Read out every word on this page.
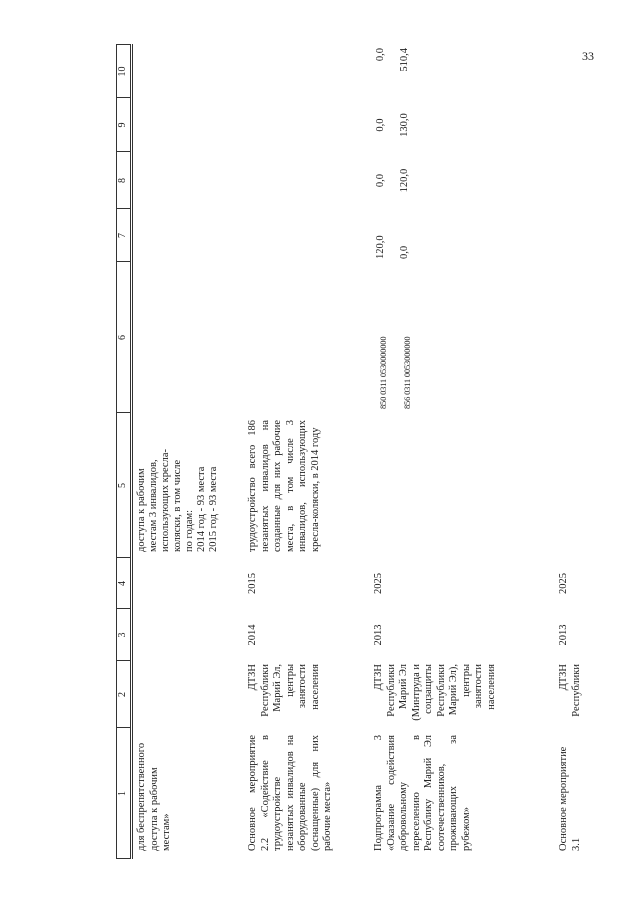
33
1
2
3
4
5
6
7
8
9
10
для беспрепятственного доступа к рабочим местам»
доступа к рабочим местам 3 инвалидов, использующих кресла- коляски, в том числе по годам: 2014 год - 93 места 2015 год - 93 места
Основное мероприятие 2.2 «Содействие в трудоустройстве незанятых инвалидов на оборудованные (оснащенные) для них рабочие места»
ДТЗН Республики Марий Эл, центры занятости населения
2014
2015
трудоустройство всего 186 незанятых инвалидов на созданные для них рабочие места, в том числе 3 инвалидов, использующих кресла-коляски, в 2014 году
Подпрограмма 3 «Оказание содействия добровольному переселению в Республику Марий Эл соотечественников, проживающих за рубежом»
ДТЗН Республики Марий Эл (Минтруда и соцзащиты Республики Марий Эл), центры занятости населения
2013
2025
850 0311 0530000000
120,0
0,0
0,0
0,0
856 0311 0053000000
0,0
120,0
130,0
510,4
Основное мероприятие 3.1
ДТЗН Республики
2013
2025
